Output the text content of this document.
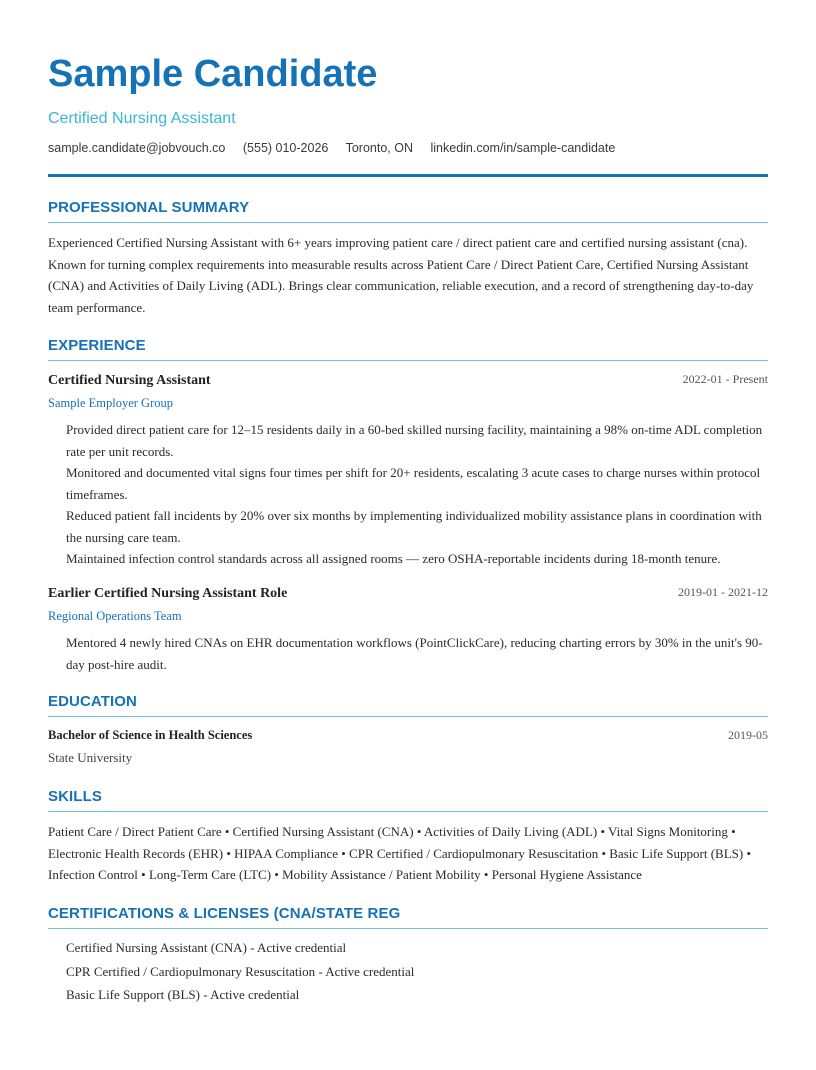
Sample Candidate
Certified Nursing Assistant
sample.candidate@jobvouch.co (555) 010-2026 Toronto, ON linkedin.com/in/sample-candidate
PROFESSIONAL SUMMARY
Experienced Certified Nursing Assistant with 6+ years improving patient care / direct patient care and certified nursing assistant (cna). Known for turning complex requirements into measurable results across Patient Care / Direct Patient Care, Certified Nursing Assistant (CNA) and Activities of Daily Living (ADL). Brings clear communication, reliable execution, and a record of strengthening day-to-day team performance.
EXPERIENCE
Certified Nursing Assistant	2022-01 - Present
Sample Employer Group
Provided direct patient care for 12–15 residents daily in a 60-bed skilled nursing facility, maintaining a 98% on-time ADL completion rate per unit records.
Monitored and documented vital signs four times per shift for 20+ residents, escalating 3 acute cases to charge nurses within protocol timeframes.
Reduced patient fall incidents by 20% over six months by implementing individualized mobility assistance plans in coordination with the nursing care team.
Maintained infection control standards across all assigned rooms — zero OSHA-reportable incidents during 18-month tenure.
Earlier Certified Nursing Assistant Role	2019-01 - 2021-12
Regional Operations Team
Mentored 4 newly hired CNAs on EHR documentation workflows (PointClickCare), reducing charting errors by 30% in the unit's 90-day post-hire audit.
EDUCATION
Bachelor of Science in Health Sciences	2019-05
State University
SKILLS
Patient Care / Direct Patient Care • Certified Nursing Assistant (CNA) • Activities of Daily Living (ADL) • Vital Signs Monitoring • Electronic Health Records (EHR) • HIPAA Compliance • CPR Certified / Cardiopulmonary Resuscitation • Basic Life Support (BLS) • Infection Control • Long-Term Care (LTC) • Mobility Assistance / Patient Mobility • Personal Hygiene Assistance
CERTIFICATIONS & LICENSES (CNA/STATE REG
Certified Nursing Assistant (CNA) - Active credential
CPR Certified / Cardiopulmonary Resuscitation - Active credential
Basic Life Support (BLS) - Active credential
